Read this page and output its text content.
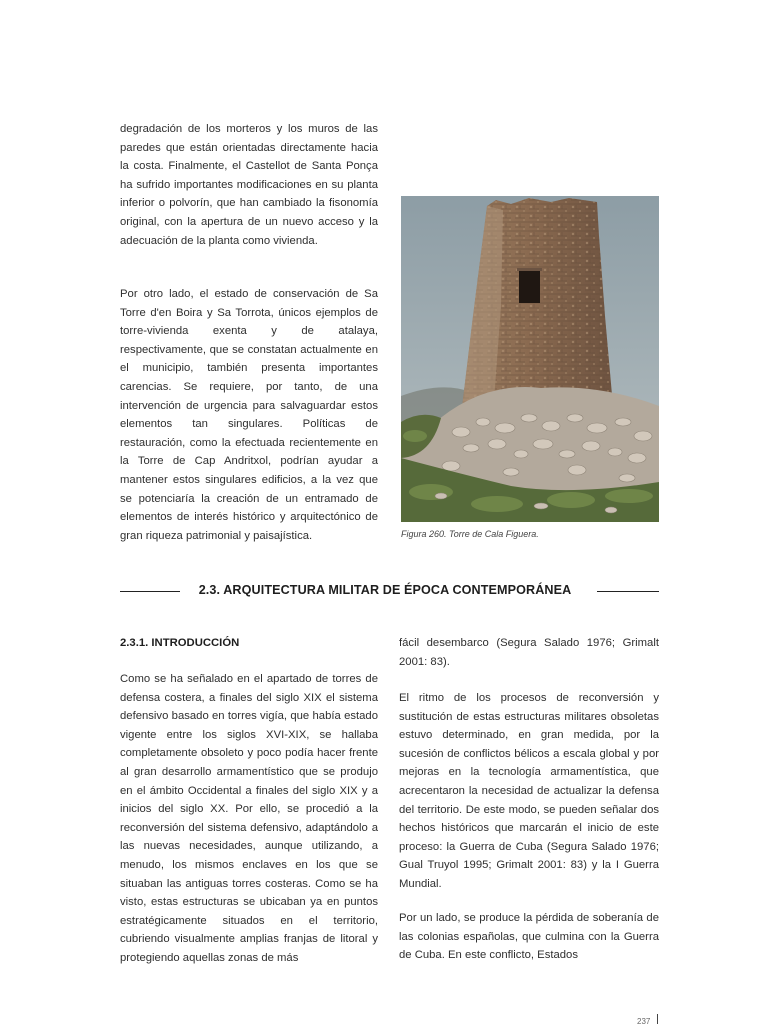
degradación de los morteros y los muros de las paredes que están orientadas directamente hacia la costa. Finalmente, el Castellot de Santa Ponça ha sufrido importantes modificaciones en su planta inferior o polvorín, que han cambiado la fisonomía original, con la apertura de un nuevo acceso y la adecuación de la planta como vivienda.

Por otro lado, el estado de conservación de Sa Torre d'en Boira y Sa Torrota, únicos ejemplos de torre-vivienda exenta y de atalaya, respectivamente, que se constatan actualmente en el municipio, también presenta importantes carencias. Se requiere, por tanto, de una intervención de urgencia para salvaguardar estos elementos tan singulares. Políticas de restauración, como la efectuada recientemente en la Torre de Cap Andritxol, podrían ayudar a mantener estos singulares edificios, a la vez que se potenciaría la creación de un entramado de elementos de interés histórico y arquitectónico de gran riqueza patrimonial y paisajística.	Figura 260. Torre de Cala Figuera.
2.3. ARQUITECTURA MILITAR DE ÉPOCA CONTEMPORÁNEA
2.3.1. INTRODUCCIÓN

Como se ha señalado en el apartado de torres de defensa costera, a finales del siglo XIX el sistema defensivo basado en torres vigía, que había estado vigente entre los siglos XVI-XIX, se hallaba completamente obsoleto y poco podía hacer frente al gran desarrollo armamentístico que se produjo en el ámbito Occidental a finales del siglo XIX y a inicios del siglo XX. Por ello, se procedió a la reconversión del sistema defensivo, adaptándolo a las nuevas necesidades, aunque utilizando, a menudo, los mismos enclaves en los que se situaban las antiguas torres costeras. Como se ha visto, estas estructuras se ubicaban ya en puntos estratégicamente situados en el territorio, cubriendo visualmente amplias franjas de litoral y protegiendo aquellas zonas de más

fácil desembarco (Segura Salado 1976; Grimalt 2001: 83).

El ritmo de los procesos de reconversión y sustitución de estas estructuras militares obsoletas estuvo determinado, en gran medida, por la sucesión de conflictos bélicos a escala global y por mejoras en la tecnología armamentística, que acrecentaron la necesidad de actualizar la defensa del territorio. De este modo, se pueden señalar dos hechos históricos que marcarán el inicio de este proceso: la Guerra de Cuba (Segura Salado 1976; Gual Truyol 1995; Grimalt 2001: 83) y la I Guerra Mundial.

Por un lado, se produce la pérdida de soberanía de las colonias españolas, que culmina con la Guerra de Cuba. En este conflicto, Estados

237
